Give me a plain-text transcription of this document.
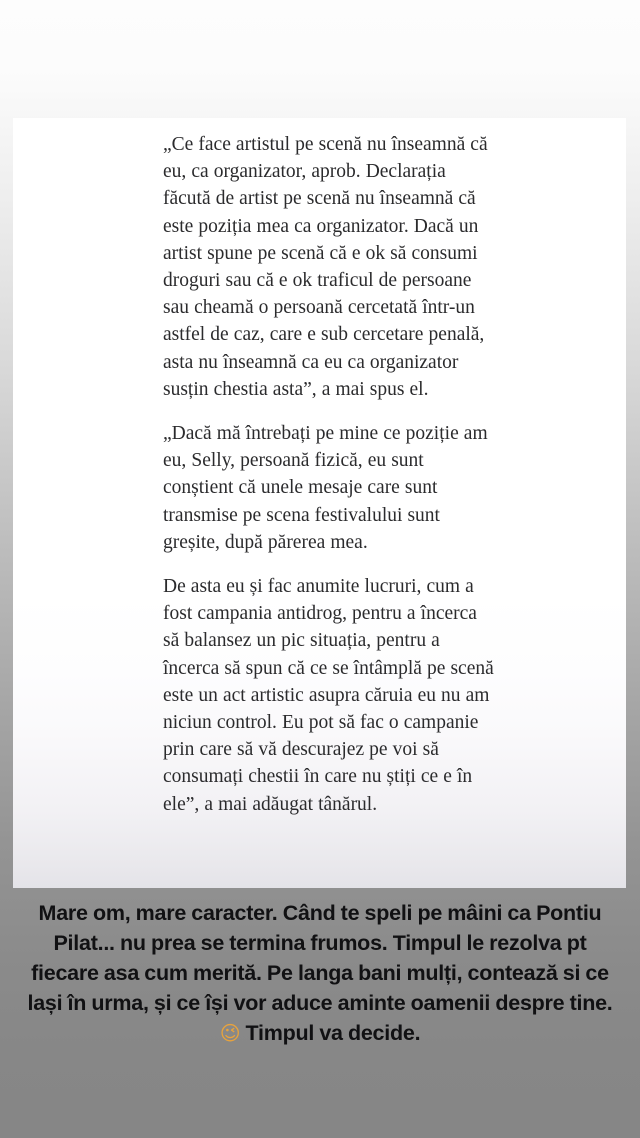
„Ce face artistul pe scenă nu înseamnă că eu, ca organizator, aprob. Declarația făcută de artist pe scenă nu înseamnă că este poziția mea ca organizator. Dacă un artist spune pe scenă că e ok să consumi droguri sau că e ok traficul de persoane sau cheamă o persoană cercetată într-un astfel de caz, care e sub cercetare penală, asta nu înseamnă ca eu ca organizator susțin chestia asta”, a mai spus el.

„Dacă mă întrebați pe mine ce poziție am eu, Selly, persoană fizică, eu sunt conștient că unele mesaje care sunt transmise pe scena festivalului sunt greșite, după părerea mea.

De asta eu și fac anumite lucruri, cum a fost campania antidrog, pentru a încerca să balansez un pic situația, pentru a încerca să spun că ce se întâmplă pe scenă este un act artistic asupra căruia eu nu am niciun control. Eu pot să fac o campanie prin care să vă descurajez pe voi să consumați chestii în care nu știți ce e în ele”, a mai adăugat tânărul.

Mare om, mare caracter. Când te speli pe mâini ca Pontiu Pilat... nu prea se termina frumos. Timpul le rezolva pt fiecare asa cum merită. Pe langa bani mulți, contează si ce lași în urma, și ce își vor aduce aminte oamenii despre tine. 😉 Timpul va decide.
